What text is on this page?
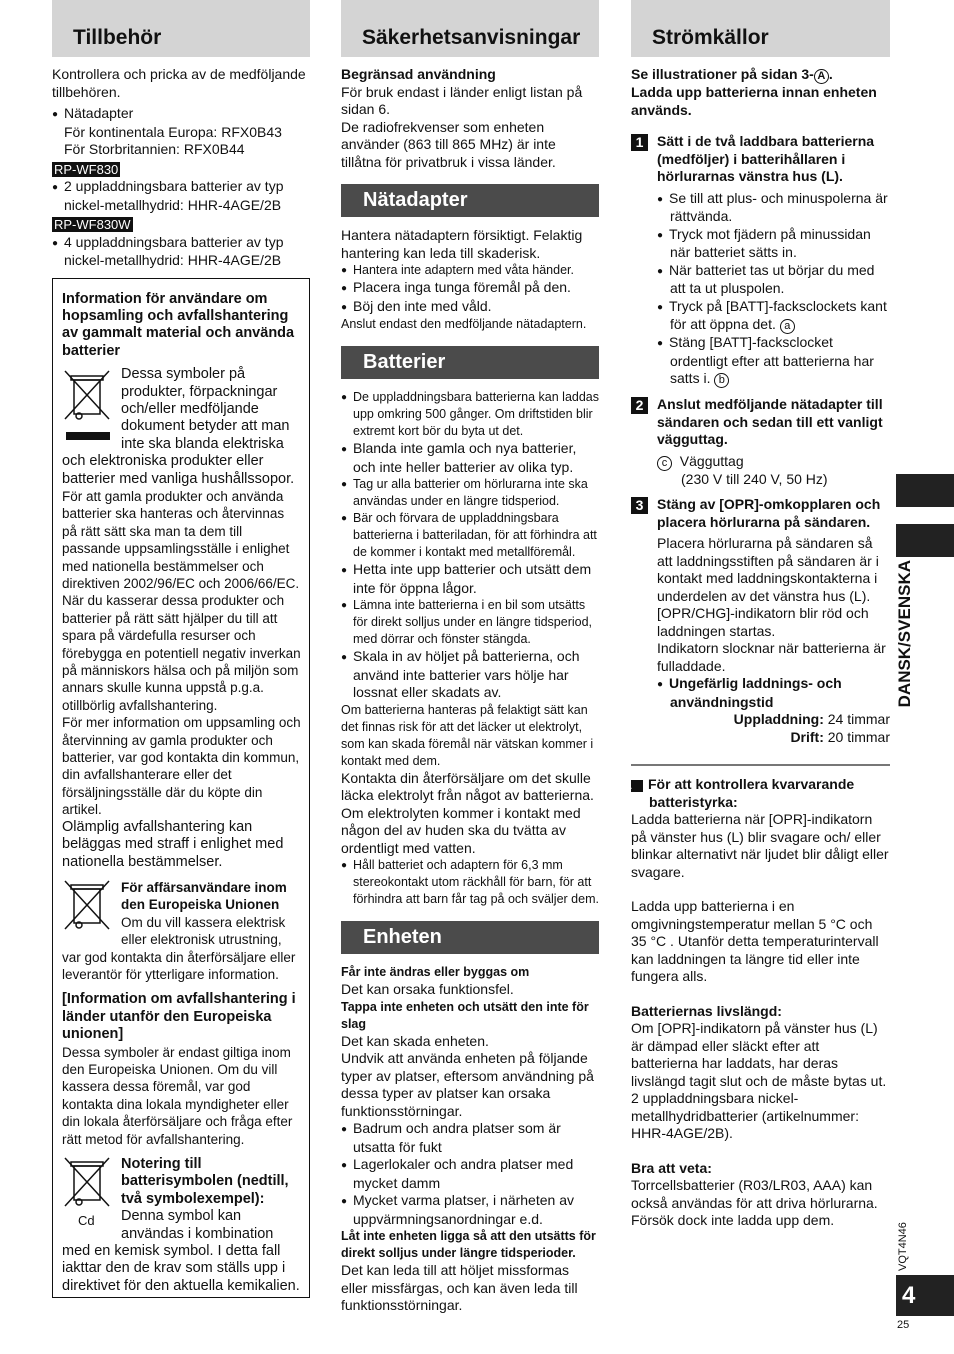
Tillbehör

Kontrollera och pricka av de medföljande tillbehören.

● Nätadapter

För kontinentala Europa: RFX0B43

För Storbritannien: RFX0B44

RP-WF830

● 2 uppladdningsbara batterier av typ

nickel-metallhydrid: HHR-4AGE/2B

RP-WF830W

● 4 uppladdningsbara batterier av typ

nickel-metallhydrid: HHR-4AGE/2B

Information för användare om hopsamling och avfallshantering av gammalt material och använda batterier

Dessa symboler på produkter, förpackningar och/eller medföljande dokument betyder att man inte ska blanda elektriska och elektroniska produkter eller batterier med vanliga hushållssopor.

För att gamla produkter och använda batterier ska hanteras och återvinnas på rätt sätt ska man ta dem till passande uppsamlingsställe i enlighet med nationella bestämmelser och direktiven 2002/96/EC och 2006/66/EC.

När du kasserar dessa produkter och batterier på rätt sätt hjälper du till att spara på värdefulla resurser och förebygga en potentiell negativ inverkan på människors hälsa och på miljön som annars skulle kunna uppstå p.g.a. otillbörlig avfallshantering.

För mer information om uppsamling och återvinning av gamla produkter och batterier, var god kontakta din kommun, din avfallshanterare eller det försäljningsställe där du köpte din artikel.

Olämplig avfallshantering kan beläggas med straff i enlighet med nationella bestämmelser.

För affärsanvändare inom den Europeiska Unionen

Om du vill kassera elektrisk eller elektronisk utrustning, var god kontakta din återförsäljare eller leverantör för ytterligare information.

[Information om avfallshantering i länder utanför den Europeiska unionen]

Dessa symboler är endast giltiga inom den Europeiska Unionen. Om du vill kassera dessa föremål, var god kontakta dina lokala myndigheter eller din lokala återförsäljare och fråga efter rätt metod för avfallshantering.

Cd

Notering till batterisymbolen (nedtill, två symbolexempel):

Denna symbol kan användas i kombination med en kemisk symbol. I detta fall iakttar den de krav som ställs upp i direktivet för den aktuella kemikalien.

Säkerhetsanvisningar

Begränsad användning

För bruk endast i länder enligt listan på sidan 6.

De radiofrekvenser som enheten använder (863 till 865 MHz) är inte tillåtna för privatbruk i vissa länder.

Nätadapter

Hantera nätadaptern försiktigt. Felaktig hantering kan leda till skaderisk.

● Hantera inte adaptern med våta händer.

● Placera inga tunga föremål på den.

● Böj den inte med våld.

Anslut endast den medföljande nätadaptern.

Batterier

● De uppladdningsbara batterierna kan laddas upp omkring 500 gånger. Om driftstiden blir extremt kort bör du byta ut det.

● Blanda inte gamla och nya batterier, och inte heller batterier av olika typ.

● Tag ur alla batterier om hörlurarna inte ska användas under en längre tidsperiod.

● Bär och förvara de uppladdningsbara batterierna i batteriladan, för att förhindra att de kommer i kontakt med metallföremål.

● Hetta inte upp batterier och utsätt dem inte för öppna lågor.

● Lämna inte batterierna i en bil som utsätts för direkt solljus under en längre tidsperiod, med dörrar och fönster stängda.

● Skala in av höljet på batterierna, och använd inte batterier vars hölje har lossnat eller skadats av.

Om batterierna hanteras på felaktigt sätt kan det finnas risk för att det läcker ut elektrolyt, som kan skada föremål när vätskan kommer i kontakt med dem.

Kontakta din återförsäljare om det skulle läcka elektrolyt från något av batterierna. Om elektrolyten kommer i kontakt med någon del av huden ska du tvätta av ordentligt med vatten.

● Håll batteriet och adaptern för 6,3 mm stereokontakt utom räckhåll för barn, för att förhindra att barn får tag på och sväljer dem.

Enheten

Får inte ändras eller byggas om

Det kan orsaka funktionsfel.

Tappa inte enheten och utsätt den inte för slag

Det kan skada enheten.

Undvik att använda enheten på följande typer av platser, eftersom användning på dessa typer av platser kan orsaka funktionsstörningar.

● Badrum och andra platser som är utsatta för fukt

● Lagerlokaler och andra platser med mycket damm

● Mycket varma platser, i närheten av uppvärmningsanordningar e.d.

Låt inte enheten ligga så att den utsätts för direkt solljus under längre tidsperioder.

Det kan leda till att höljet missformas eller missfärgas, och kan även leda till funktionsstörningar.

Strömkällor

Se illustrationer på sidan 3- A .

Ladda upp batterierna innan enheten används.

1 Sätt i de två laddbara batterierna (medföljer) i batterihållaren i hörlurarnas vänstra hus (L).

● Se till att plus- och minuspolerna är rättvända.

● Tryck mot fjädern på minussidan när batteriet sätts in.

● När batteriet tas ut börjar du med att ta ut pluspolen.

● Tryck på [BATT]-facksclockets kant för att öppna det. a

● Stäng [BATT]-facksclocket ordentligt efter att batterierna har satts i. b

2 Anslut medföljande nätadapter till sändaren och sedan till ett vanligt vägguttag.

c Vägguttag

(230 V till 240 V, 50 Hz)

3 Stäng av [OPR]-omkopplaren och placera hörlurarna på sändaren.

Placera hörlurarna på sändaren så att laddningsstiften på sändaren är i kontakt med laddningskontakterna i underdelen av det vänstra hus (L). [OPR/CHG]-indikatorn blir röd och laddningen startas.

Indikatorn slocknar när batterierna är fulladdade.

● Ungefärlig laddnings- och användningstid

Uppladdning: 24 timmar

Drift: 20 timmar

A För att kontrollera kvarvarande batteristyrka:

Ladda batterierna när [OPR]-indikatorn på vänster hus (L) blir svagare och/ eller blinkar alternativt när ljudet blir dåligt eller svagare.

Ladda upp batterierna i en omgivningstemperatur mellan 5 °C och 35 °C . Utanför detta temperaturintervall kan laddningen ta längre tid eller inte fungera alls.

Batteriernas livslängd:

Om [OPR]-indikatorn på vänster hus (L) är dämpad eller släckt efter att batterierna har laddats, har deras livslängd tagit slut och de måste bytas ut.

2 uppladdningsbara nickel-metallhydridbatterier (artikelnummer: HHR-4AGE/2B).

Bra att veta:

Torrcellsbatterier (R03/LR03, AAA) kan också användas för att driva hörlurarna.

Försök dock inte ladda upp dem.

DANSK/SVENSKA
VQT4N46
4
25
